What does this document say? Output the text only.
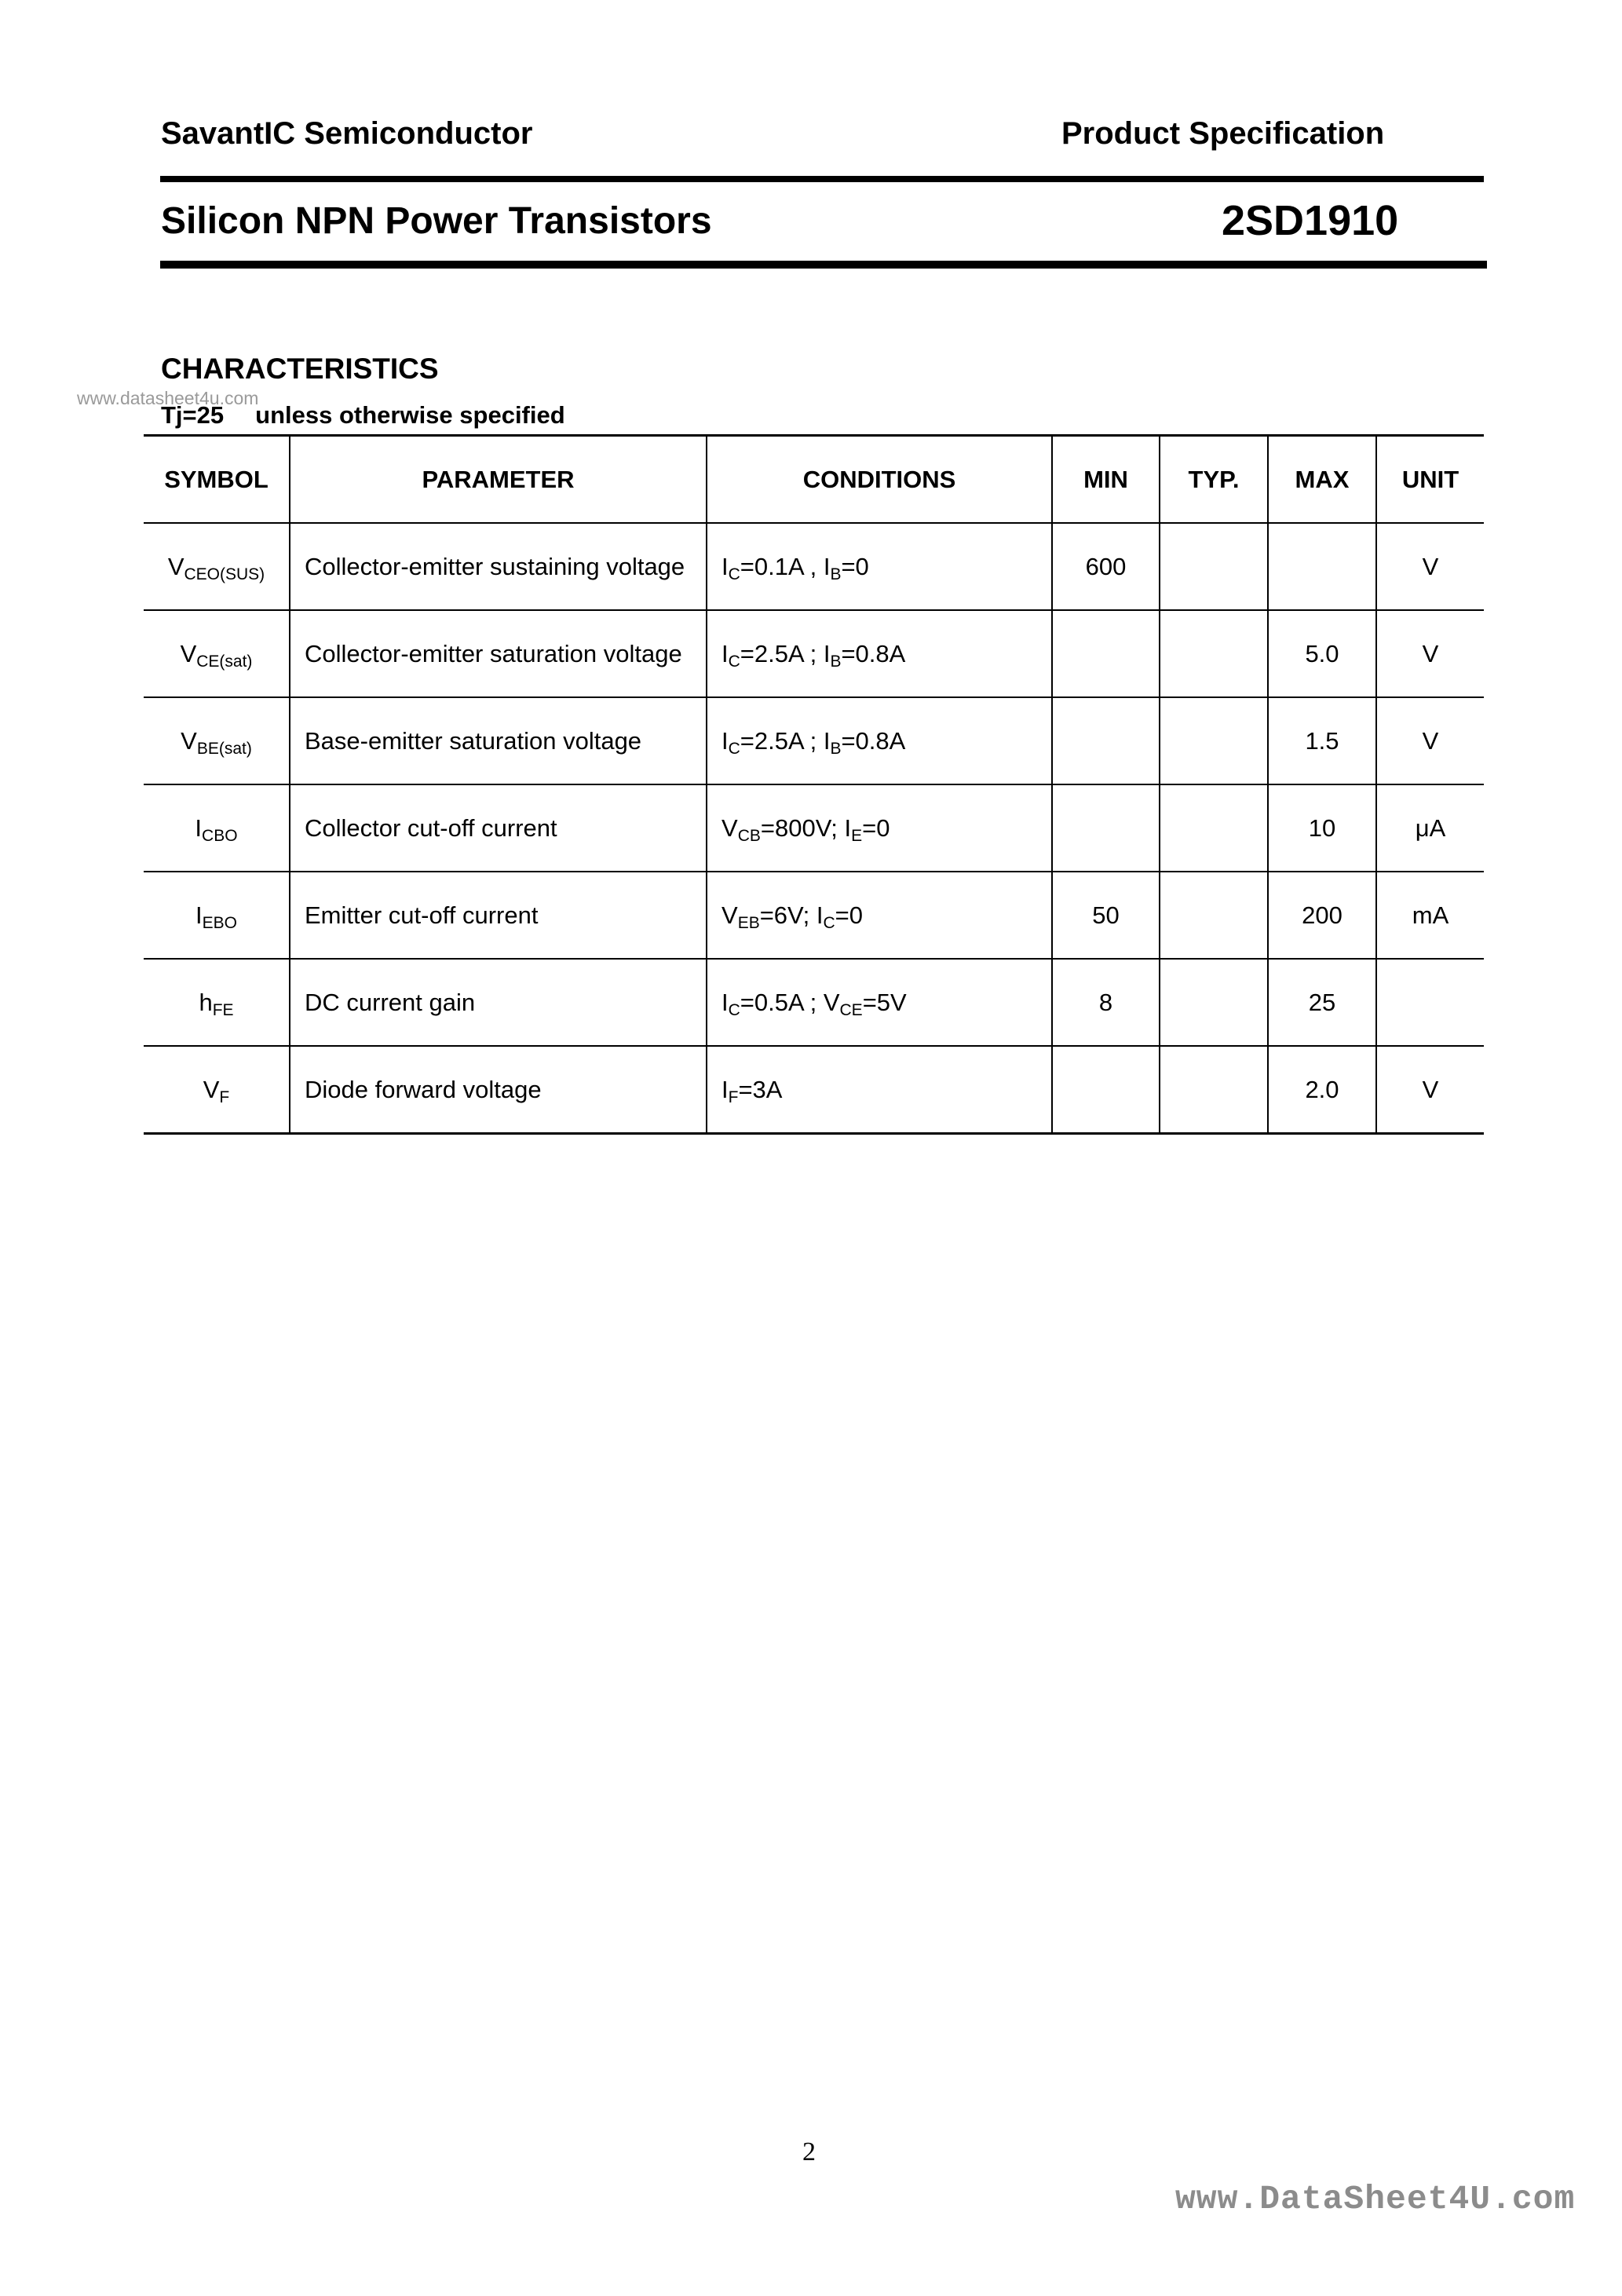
SavantIC Semiconductor	Product Specification
Silicon NPN Power Transistors	2SD1910
CHARACTERISTICS
www.datasheet4u.com
Tj=25 unless otherwise specified
SYMBOL	PARAMETER	CONDITIONS	MIN	TYP.	MAX	UNIT
$V_{CEO(SUS)}$	Collector-emitter sustaining voltage	$I_C=0.1A$ , $I_B=0$	600			V
$V_{CE(sat)}$	Collector-emitter saturation voltage	$I_C=2.5A$ ; $I_B=0.8A$			5.0	V
$V_{BE(sat)}$	Base-emitter saturation voltage	$I_C=2.5A$ ; $I_B=0.8A$			1.5	V
$I_{CBO}$	Collector cut-off current	$V_{CB}=800V$; $I_E=0$			10	μA
$I_{EBO}$	Emitter cut-off current	$V_{EB}=6V$; $I_C=0$	50		200	mA
$h_{FE}$	DC current gain	$I_C=0.5A$ ; $V_{CE}=5V$	8		25	
$V_F$	Diode forward voltage	$I_F=3A$			2.0	V
2
www.DataSheet4U.com
